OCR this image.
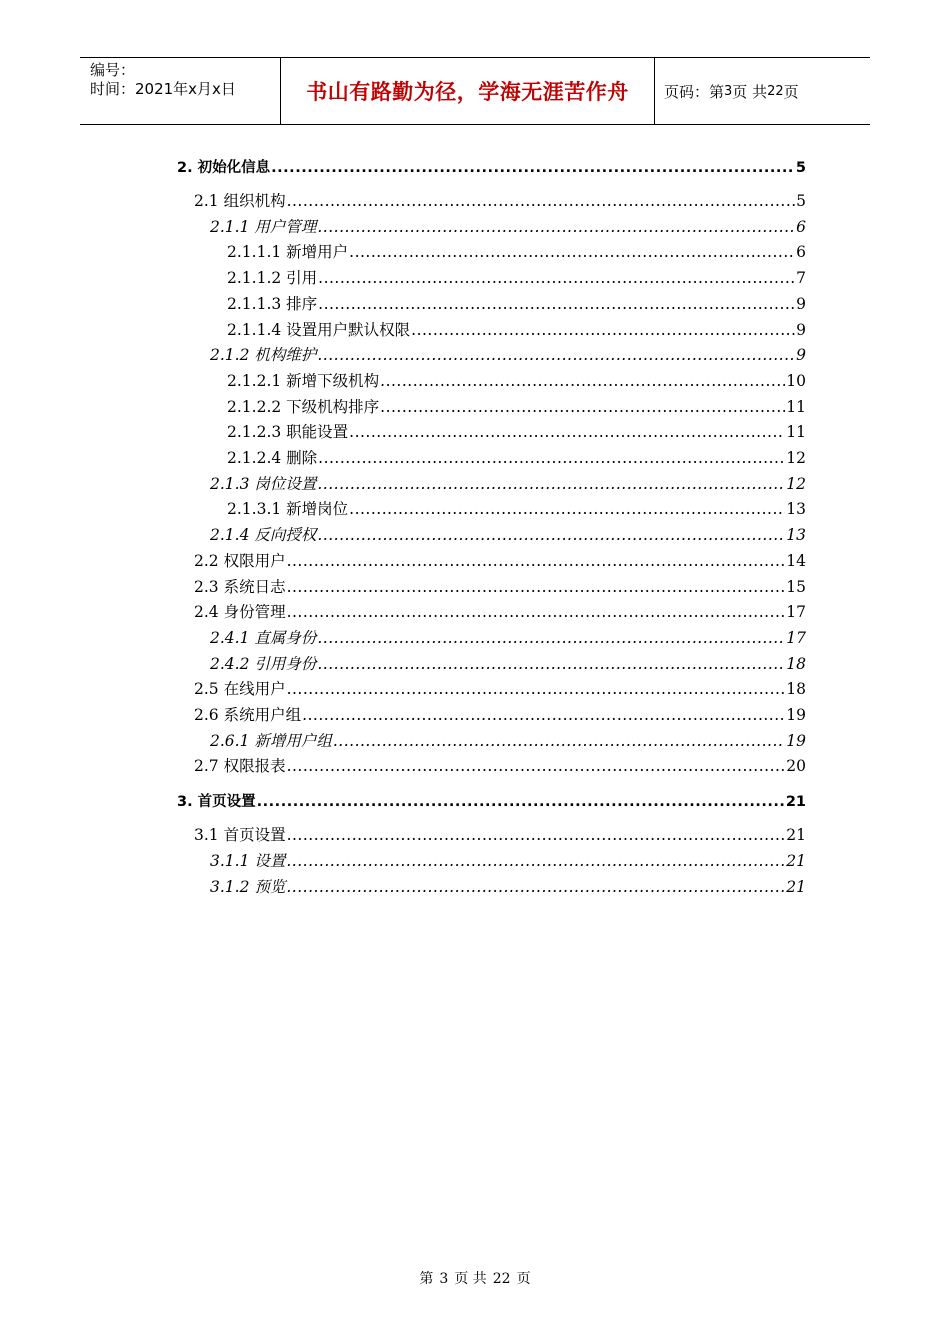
编号：
时间：2021年x月x日	书山有路勤为径，学海无涯苦作舟	页码：第 3 页 共 22 页
2. 初始化信息 .....	5
2.1 组织机构 .....	5
2.1.1 用户管理 .....	6
2.1.1.1 新增用户 .....	6
2.1.1.2 引用 .....	7
2.1.1.3 排序 .....	9
2.1.1.4 设置用户默认权限 .....	9
2.1.2 机构维护 .....	9
2.1.2.1 新增下级机构 .....	10
2.1.2.2 下级机构排序 .....	11
2.1.2.3 职能设置 .....	11
2.1.2.4 删除 .....	12
2.1.3 岗位设置 .....	12
2.1.3.1 新增岗位 .....	13
2.1.4 反向授权 .....	13
2.2 权限用户 .....	14
2.3 系统日志 .....	15
2.4 身份管理 .....	17
2.4.1 直属身份 .....	17
2.4.2 引用身份 .....	18
2.5 在线用户 .....	18
2.6 系统用户组 .....	19
2.6.1 新增用户组 .....	19
2.7 权限报表 .....	20
3. 首页设置 .....	21
3.1 首页设置 .....	21
3.1.1 设置 .....	21
3.1.2 预览 .....	21
第 3 页 共 22 页
